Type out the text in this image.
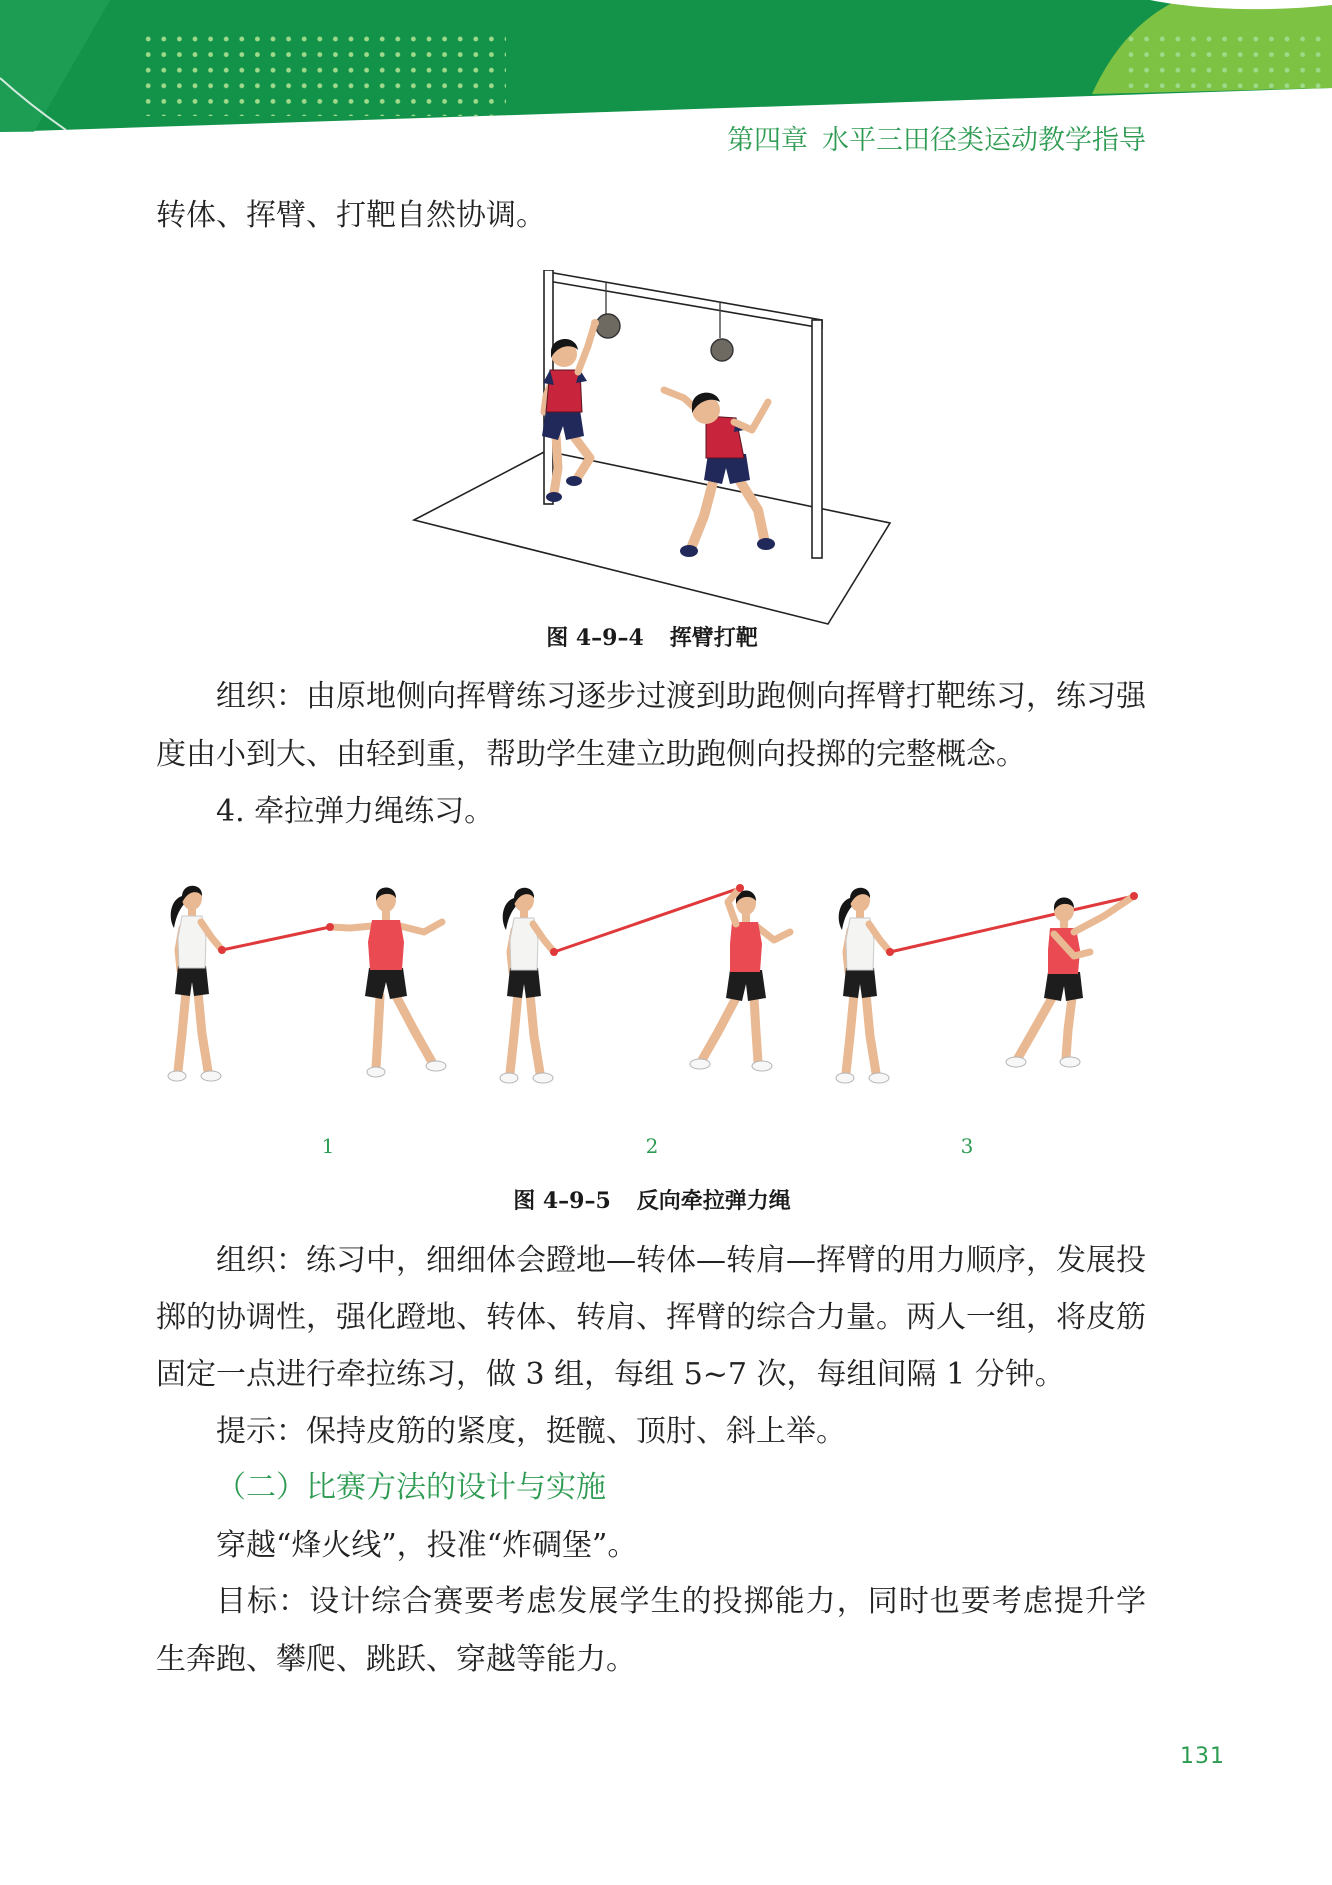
第四章 水平三田径类运动教学指导
转体、挥臂、打靶自然协调。
图 4–9–4 挥臂打靶
组织：由原地侧向挥臂练习逐步过渡到助跑侧向挥臂打靶练习，练习强
度由小到大、由轻到重，帮助学生建立助跑侧向投掷的完整概念。
4. 牵拉弹力绳练习。
1	2	3
图 4–9–5 反向牵拉弹力绳
组织：练习中，细细体会蹬地—转体—转肩—挥臂的用力顺序，发展投
掷的协调性，强化蹬地、转体、转肩、挥臂的综合力量。两人一组，将皮筋
固定一点进行牵拉练习，做 3 组，每组 5~7 次，每组间隔 1 分钟。
提示：保持皮筋的紧度，挺髋、顶肘、斜上举。
（二）比赛方法的设计与实施
穿越“烽火线”，投准“炸碉堡”。
目标：设计综合赛要考虑发展学生的投掷能力，同时也要考虑提升学
生奔跑、攀爬、跳跃、穿越等能力。
131
